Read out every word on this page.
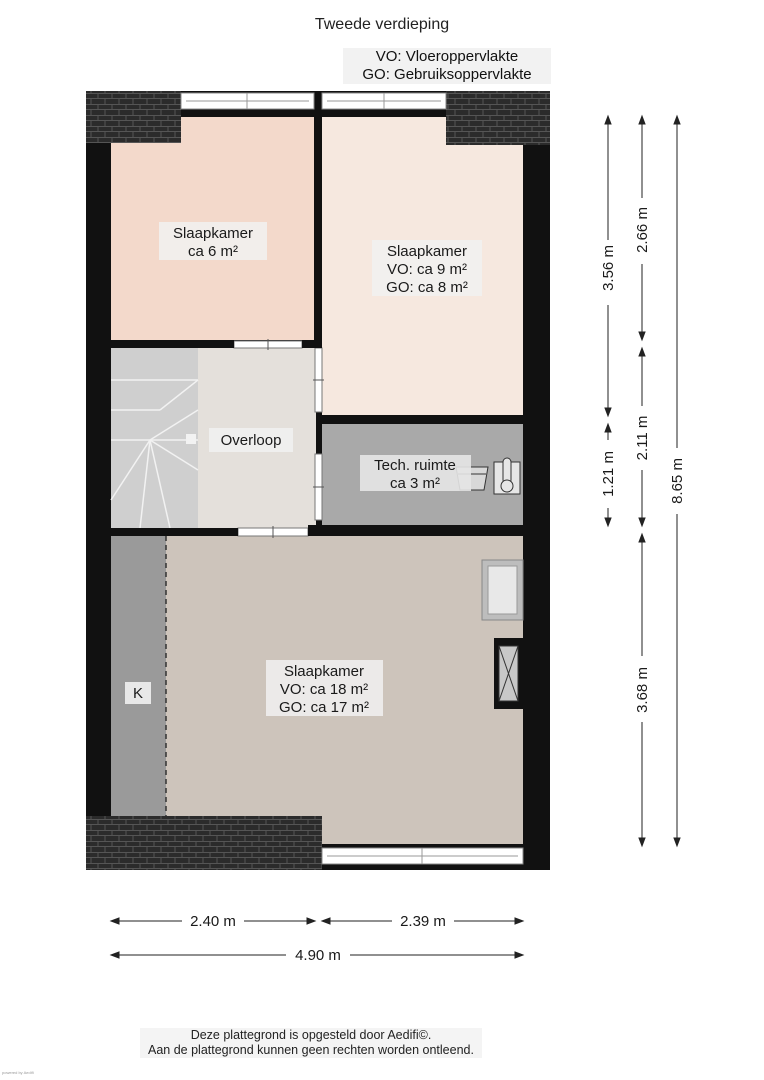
Tweede verdieping
VO: Vloeroppervlakte
GO: Gebruiksoppervlakte
Slaapkamer
ca 6 m²	Slaapkamer
VO: ca 9 m²
GO: ca 8 m²
Overloop
Tech. ruimte
ca 3 m²
Slaapkamer
VO: ca 18 m²
GO: ca 17 m²
K
2.40 m	2.39 m
4.90 m
3.56 m
1.21 m
2.66 m
2.11 m
3.68 m
8.65 m
Deze plattegrond is opgesteld door Aedifi©.
Aan de plattegrond kunnen geen rechten worden ontleend.
powered by Aedifi
